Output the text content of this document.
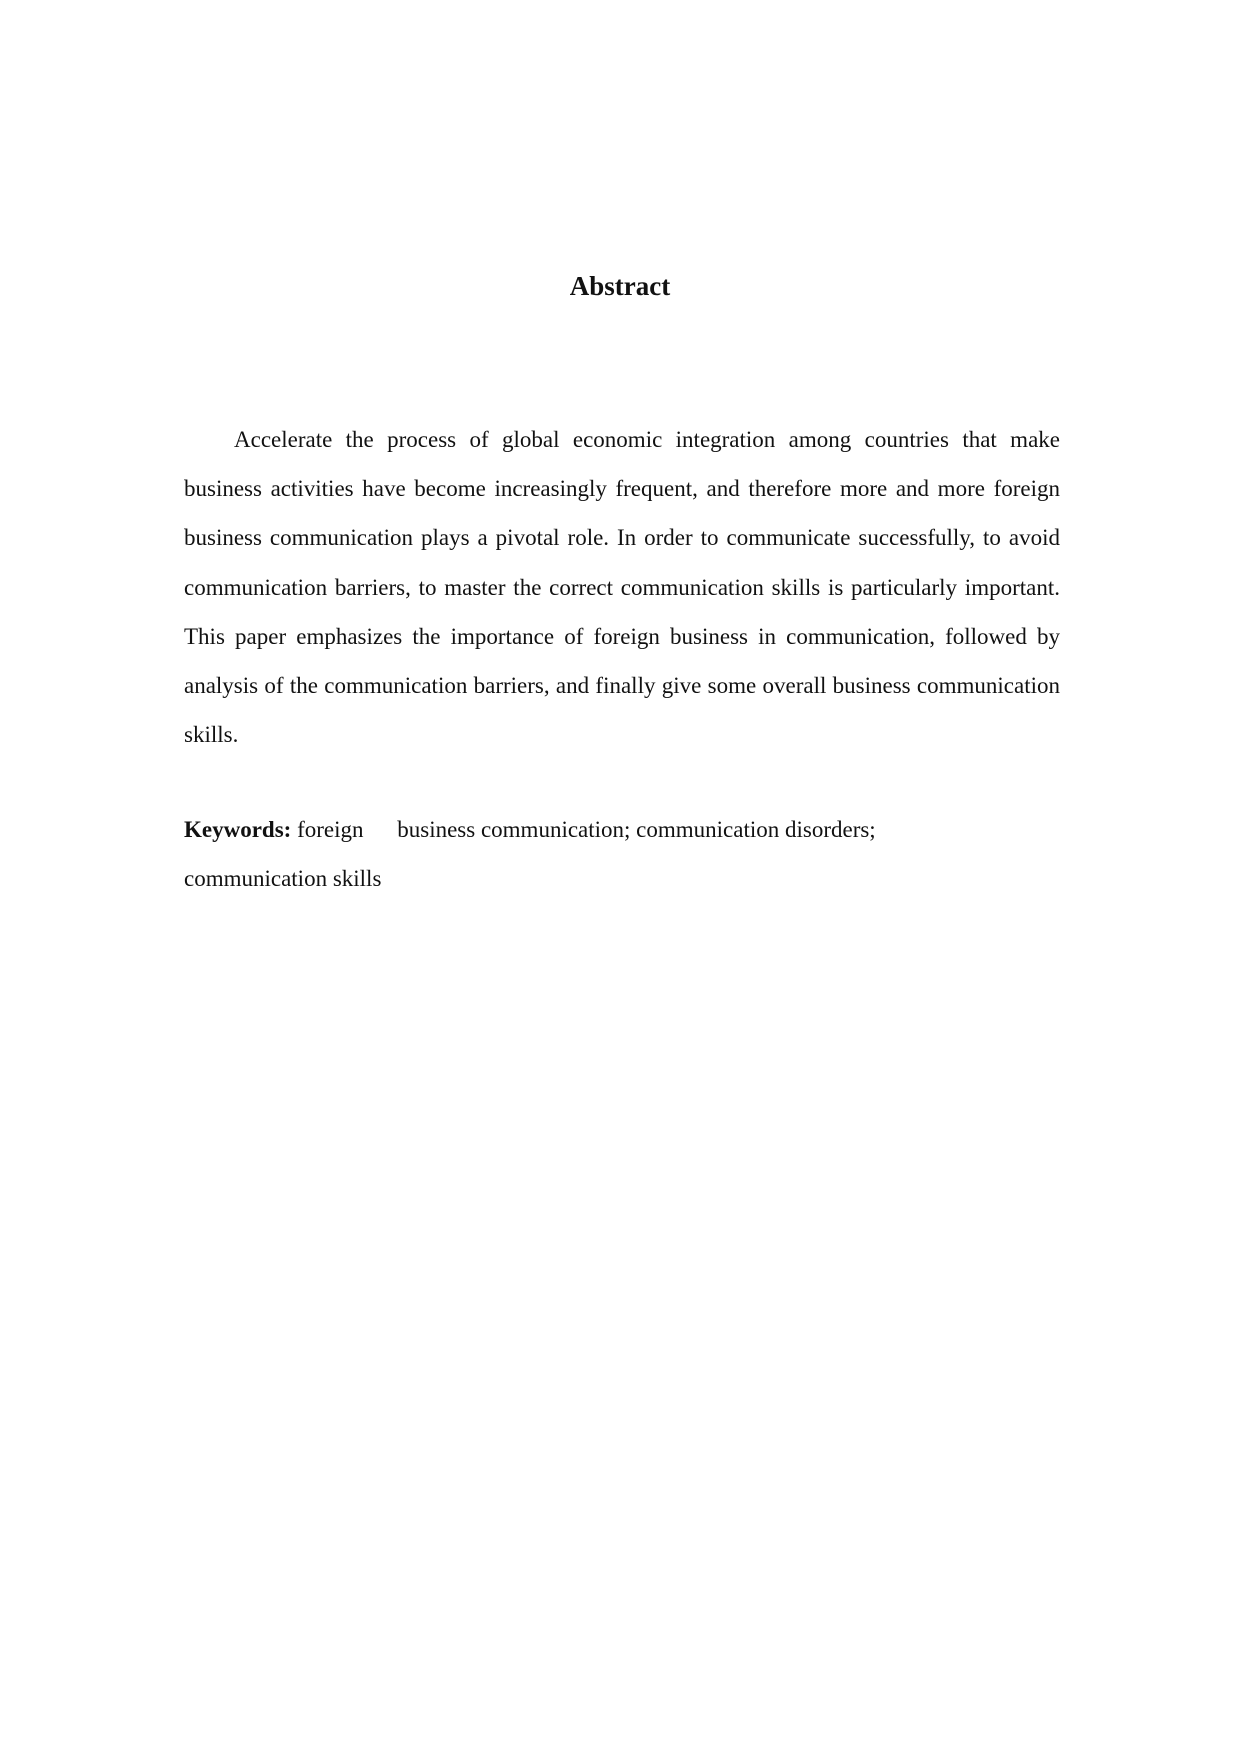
Abstract

Accelerate the process of global economic integration among countries that make business activities have become increasingly frequent, and therefore more and more foreign business communication plays a pivotal role. In order to communicate successfully, to avoid communication barriers, to master the correct communication skills is particularly important. This paper emphasizes the importance of foreign business in communication, followed by analysis of the communication barriers, and finally give some overall business communication skills.

Keywords: foreign business communication; communication disorders;
communication skills
